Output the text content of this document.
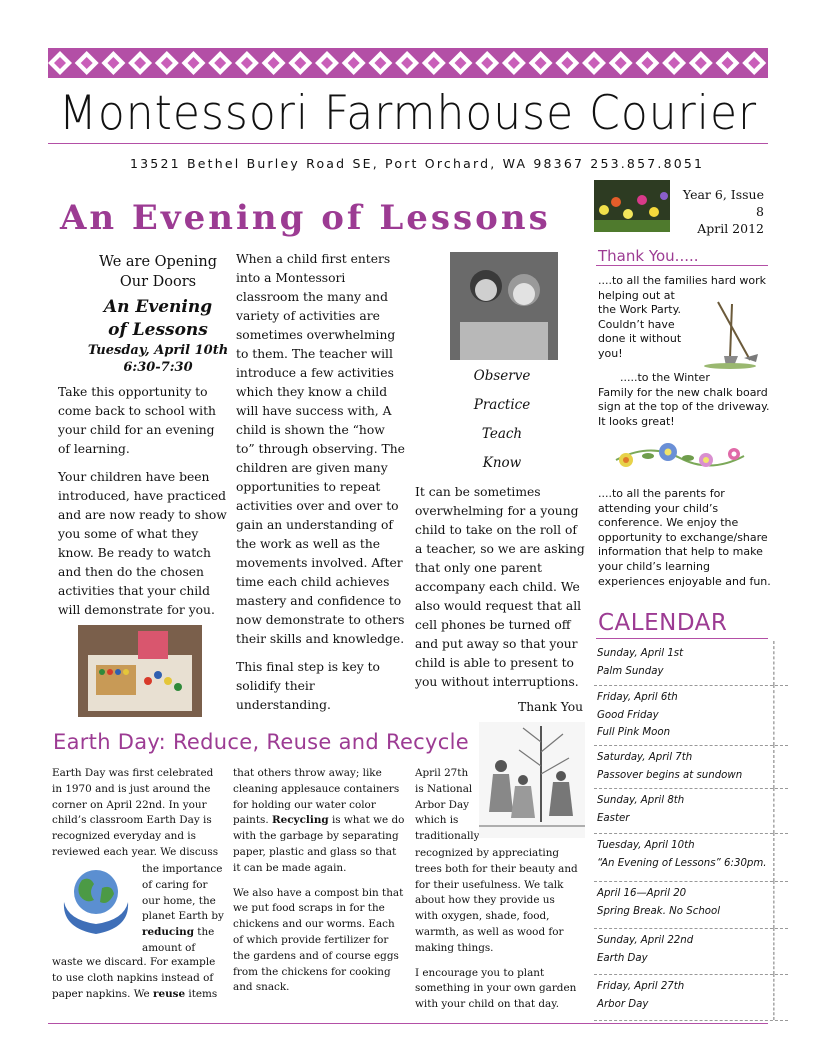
Montessori Farmhouse Courier
13521 Bethel Burley Road SE, Port Orchard, WA 98367 253.857.8051
Year 6, Issue 8
April 2012
An Evening of Lessons
We are Opening
Our Doors
An Evening
of Lessons
Tuesday, April 10th
6:30-7:30

Take this opportunity to come back to school with your child for an evening of learning.

Your children have been introduced, have practiced and are now ready to show you some of what they know. Be ready to watch and then do the chosen activities that your child will demonstrate for you.

When a child first enters into a Montessori classroom the many and variety of activities are sometimes overwhelming to them. The teacher will introduce a few activities which they know a child will have success with, A child is shown the “how to” through observing. The children are given many opportunities to repeat activities over and over to gain an understanding of the work as well as the movements involved. After time each child achieves mastery and confidence to now demonstrate to others their skills and knowledge.

This final step is key to solidify their understanding.

Observe
Practice
Teach
Know

It can be sometimes overwhelming for a young child to take on the roll of a teacher, so we are asking that only one parent accompany each child. We also would request that all cell phones be turned off and put away so that your child is able to present to you without interruptions.

Thank You
Thank You.....
....to all the families hard work helping out at
the Work Party. Couldn’t have done it without you!
.....to the Winter
Family for the new chalk board sign at the top of the driveway. It looks great!
....to all the parents for attending your child’s conference. We enjoy the opportunity to exchange/share information that help to make your child’s learning experiences enjoyable and fun.
CALENDAR
Sunday, April 1st
Palm Sunday
Friday, April 6th
Good Friday
Full Pink Moon
Saturday, April 7th
Passover begins at sundown
Sunday, April 8th
Easter
Tuesday, April 10th
“An Evening of Lessons” 6:30pm.
April 16—April 20
Spring Break. No School
Sunday, April 22nd
Earth Day
Friday, April 27th
Arbor Day
Earth Day: Reduce, Reuse and Recycle
Earth Day was first celebrated in 1970 and is just around the corner on April 22nd. In your child’s classroom Earth Day is recognized everyday and is reviewed each year. We discuss
the importance of caring for our home, the planet Earth by reducing the amount of
waste we discard. For example to use cloth napkins instead of paper napkins. We reuse items

that others throw away; like cleaning applesauce containers for holding our water color paints. Recycling is what we do with the garbage by separating paper, plastic and glass so that it can be made again.

We also have a compost bin that we put food scraps in for the chickens and our worms. Each of which provide fertilizer for the gardens and of course eggs from the chickens for cooking and snack.

April 27th is National Arbor Day which is traditionally

recognized by appreciating trees both for their beauty and for their usefulness. We talk about how they provide us with oxygen, shade, food, warmth, as well as wood for making things.

I encourage you to plant something in your own garden with your child on that day.
